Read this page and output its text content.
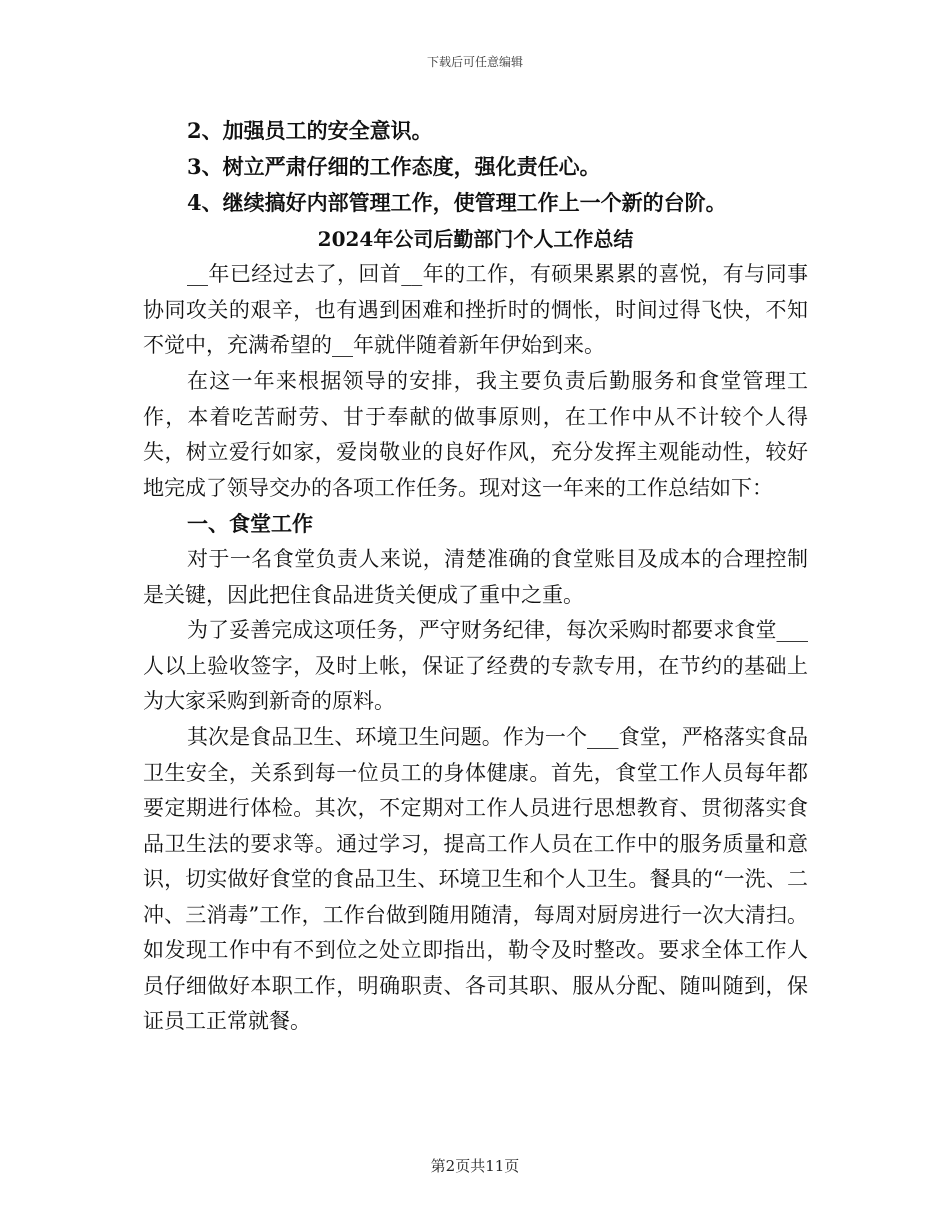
下载后可任意编辑
2、加强员工的安全意识。
3、树立严肃仔细的工作态度，强化责任心。
4、继续搞好内部管理工作，使管理工作上一个新的台阶。
2024年公司后勤部门个人工作总结

__年已经过去了，回首__年的工作，有硕果累累的喜悦，有与同事协同攻关的艰辛，也有遇到困难和挫折时的惆怅，时间过得飞快，不知不觉中，充满希望的__年就伴随着新年伊始到来。

在这一年来根据领导的安排，我主要负责后勤服务和食堂管理工作，本着吃苦耐劳、甘于奉献的做事原则，在工作中从不计较个人得失，树立爱行如家，爱岗敬业的良好作风，充分发挥主观能动性，较好地完成了领导交办的各项工作任务。现对这一年来的工作总结如下：

一、食堂工作

对于一名食堂负责人来说，清楚准确的食堂账目及成本的合理控制是关键，因此把住食品进货关便成了重中之重。

为了妥善完成这项任务，严守财务纪律，每次采购时都要求食堂___人以上验收签字，及时上帐，保证了经费的专款专用，在节约的基础上为大家采购到新奇的原料。

其次是食品卫生、环境卫生问题。作为一个___食堂，严格落实食品卫生安全，关系到每一位员工的身体健康。首先，食堂工作人员每年都要定期进行体检。其次，不定期对工作人员进行思想教育、贯彻落实食品卫生法的要求等。通过学习，提高工作人员在工作中的服务质量和意识，切实做好食堂的食品卫生、环境卫生和个人卫生。餐具的“一洗、二冲、三消毒”工作，工作台做到随用随清，每周对厨房进行一次大清扫。如发现工作中有不到位之处立即指出，勒令及时整改。要求全体工作人员仔细做好本职工作，明确职责、各司其职、服从分配、随叫随到，保证员工正常就餐。

第2页共11页
